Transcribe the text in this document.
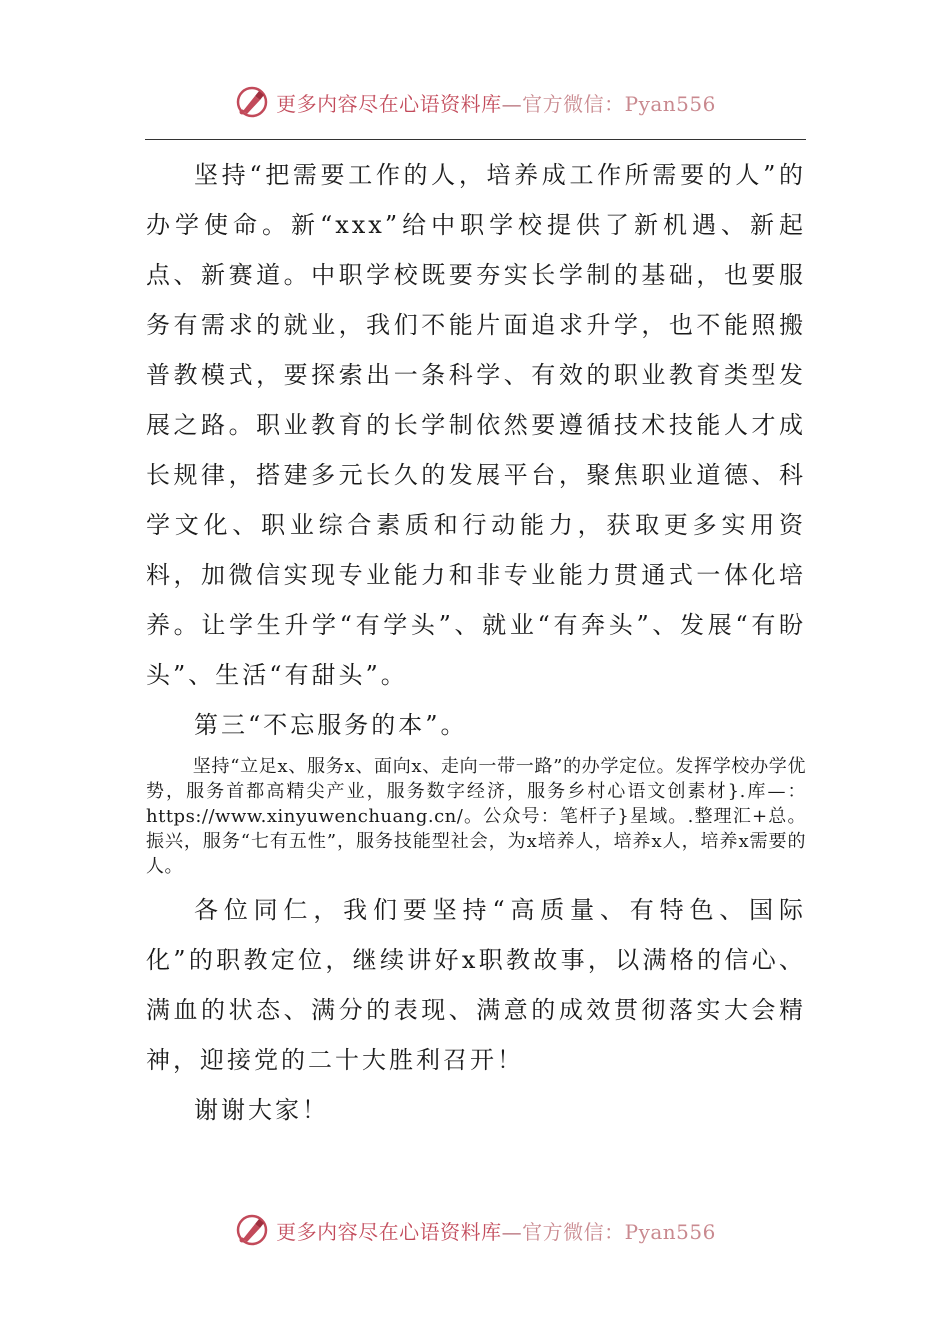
更多内容尽在心语资料库—官方微信：Pyan556

坚持“把需要工作的人，培养成工作所需要的人”的办学使命。新“xxx”给中职学校提供了新机遇、新起点、新赛道。中职学校既要夯实长学制的基础，也要服务有需求的就业，我们不能片面追求升学，也不能照搬普教模式，要探索出一条科学、有效的职业教育类型发展之路。职业教育的长学制依然要遵循技术技能人才成长规律，搭建多元长久的发展平台，聚焦职业道德、科学文化、职业综合素质和行动能力，获取更多实用资料，加微信实现专业能力和非专业能力贯通式一体化培养。让学生升学“有学头”、就业“有奔头”、发展“有盼头”、生活“有甜头”。

第三“不忘服务的本”。

坚持“立足x、服务x、面向x、走向一带一路”的办学定位。发挥学校办学优势，服务首都高精尖产业，服务数字经济，服务乡村心语文创素材}.库—：https://www.xinyuwenchuang.cn/。公众号：笔杆子}星域。.整理汇+总。振兴，服务“七有五性”，服务技能型社会，为x培养人，培养x人，培养x需要的人。

各位同仁，我们要坚持“高质量、有特色、国际化”的职教定位，继续讲好x职教故事，以满格的信心、满血的状态、满分的表现、满意的成效贯彻落实大会精神，迎接党的二十大胜利召开！

谢谢大家！

更多内容尽在心语资料库—官方微信：Pyan556
